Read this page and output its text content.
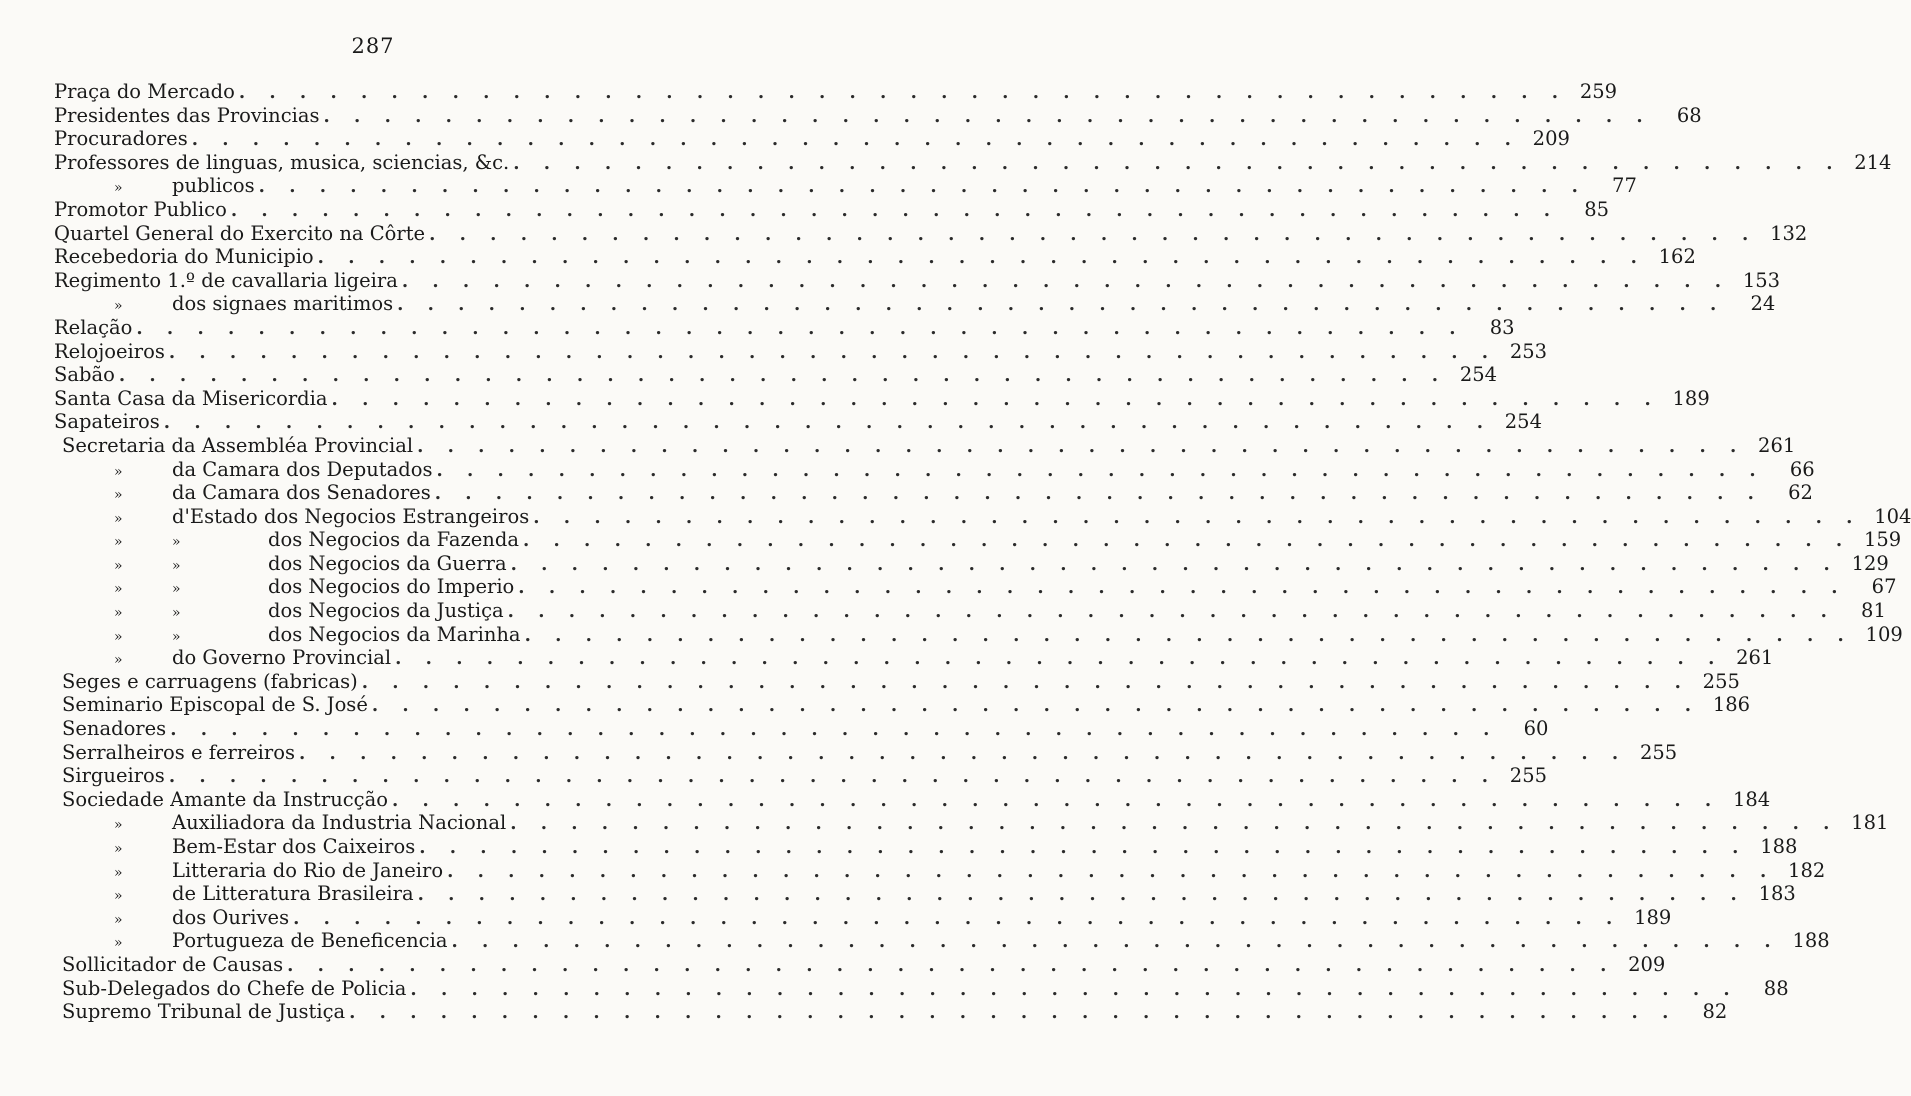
287
Praça do Mercado . . .	259
Presidentes das Provincias . . .	68
Procuradores . . .	209
Professores de linguas, musica, sciencias, &c. . . .	214
»	publicos . . .	77
Promotor Publico . . .	85
Quartel General do Exercito na Côrte . . .	132
Recebedoria do Municipio . . .	162
Regimento 1.º de cavallaria ligeira . . .	153
»	dos signaes maritimos . . .	24
Relação . . .	83
Relojoeiros . . .	253
Sabão . . .	254
Santa Casa da Misericordia . . .	189
Sapateiros . . .	254
Secretaria da Assembléa Provincial . . .	261
»	da Camara dos Deputados . . .	66
»	da Camara dos Senadores . . .	62
»	d'Estado dos Negocios Estrangeiros . . .	104
»	»	dos Negocios da Fazenda . . .	159
»	»	dos Negocios da Guerra . . .	129
»	»	dos Negocios do Imperio . . .	67
»	»	dos Negocios da Justiça . . .	81
»	»	dos Negocios da Marinha . . .	109
»	do Governo Provincial . . .	261
Seges e carruagens (fabricas) . . .	255
Seminario Episcopal de S. José . . .	186
Senadores . . .	60
Serralheiros e ferreiros . . .	255
Sirgueiros . . .	255
Sociedade Amante da Instrucção . . .	184
»	Auxiliadora da Industria Nacional . . .	181
»	Bem-Estar dos Caixeiros . . .	188
»	Litteraria do Rio de Janeiro . . .	182
»	de Litteratura Brasileira . . .	183
»	dos Ourives . . .	189
»	Portugueza de Beneficencia . . .	188
Sollicitador de Causas . . .	209
Sub-Delegados do Chefe de Policia . . .	88
Supremo Tribunal de Justiça . . .	82
